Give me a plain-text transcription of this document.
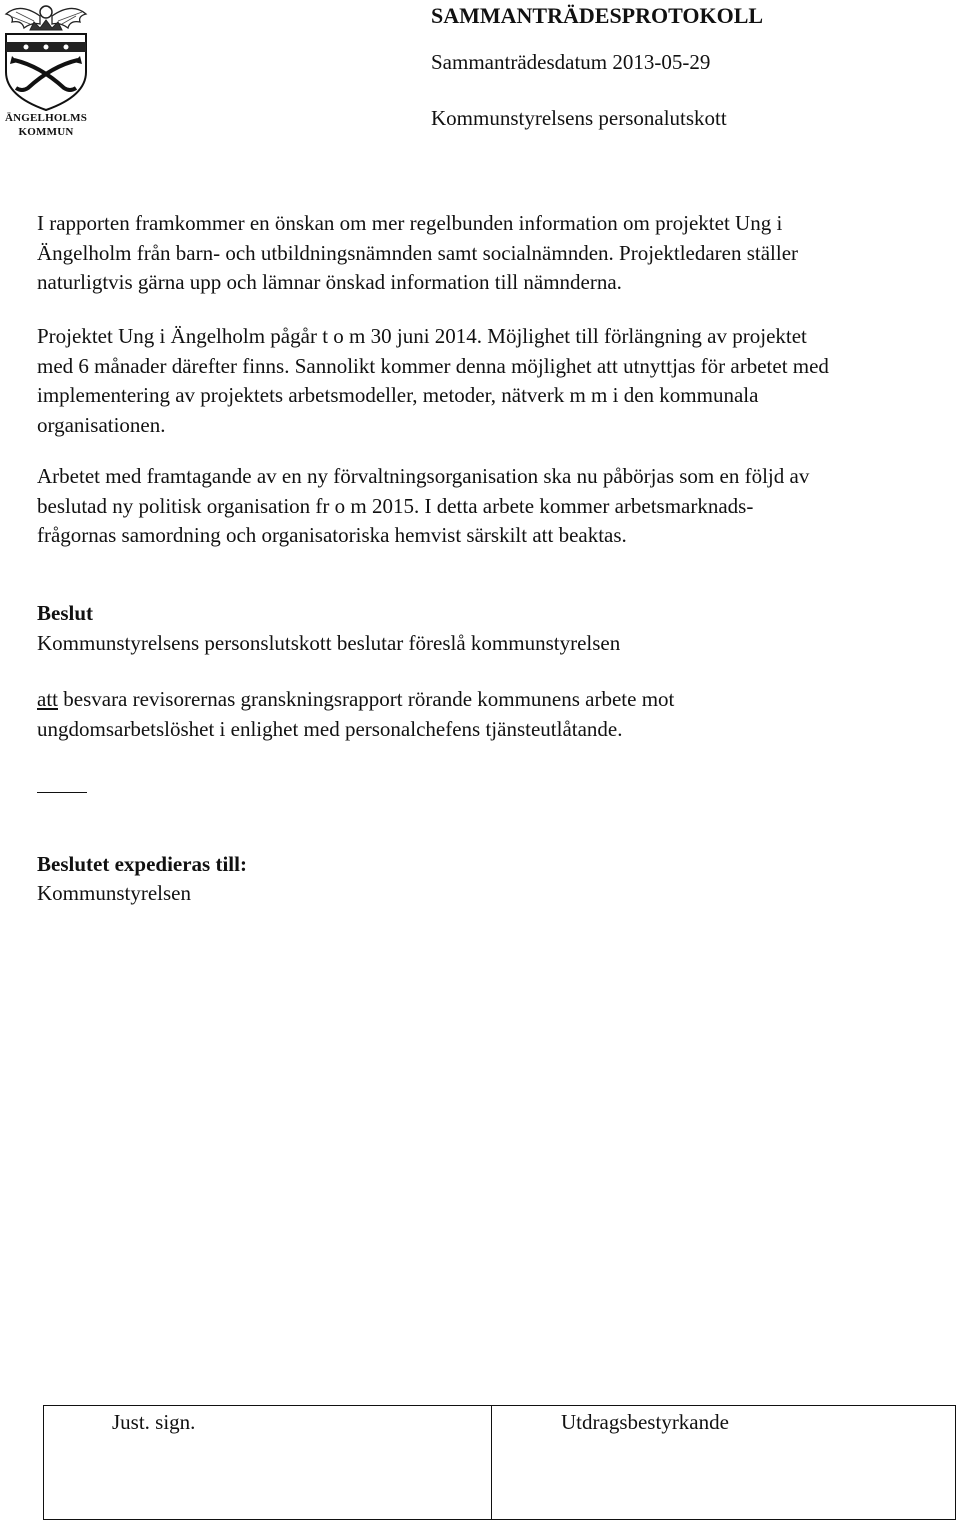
ÄNGELHOLMS
KOMMUN
SAMMANTRÄDESPROTOKOLL
Sammanträdesdatum 2013-05-29
Kommunstyrelsens personalutskott

I rapporten framkommer en önskan om mer regelbunden information om projektet Ung i
Ängelholm från barn- och utbildningsnämnden samt socialnämnden. Projektledaren ställer
naturligtvis gärna upp och lämnar önskad information till nämnderna.

Projektet Ung i Ängelholm pågår t o m 30 juni 2014. Möjlighet till förlängning av projektet
med 6 månader därefter finns. Sannolikt kommer denna möjlighet att utnyttjas för arbetet med
implementering av projektets arbetsmodeller, metoder, nätverk m m i den kommunala
organisationen.

Arbetet med framtagande av en ny förvaltningsorganisation ska nu påbörjas som en följd av
beslutad ny politisk organisation fr o m 2015. I detta arbete kommer arbetsmarknads-
frågornas samordning och organisatoriska hemvist särskilt att beaktas.

Beslut
Kommunstyrelsens personslutskott beslutar föreslå kommunstyrelsen

att besvara revisorernas granskningsrapport rörande kommunens arbete mot
ungdomsarbetslöshet i enlighet med personalchefens tjänsteutlåtande.

Beslutet expedieras till:
Kommunstyrelsen
Just. sign.	Utdragsbestyrkande
